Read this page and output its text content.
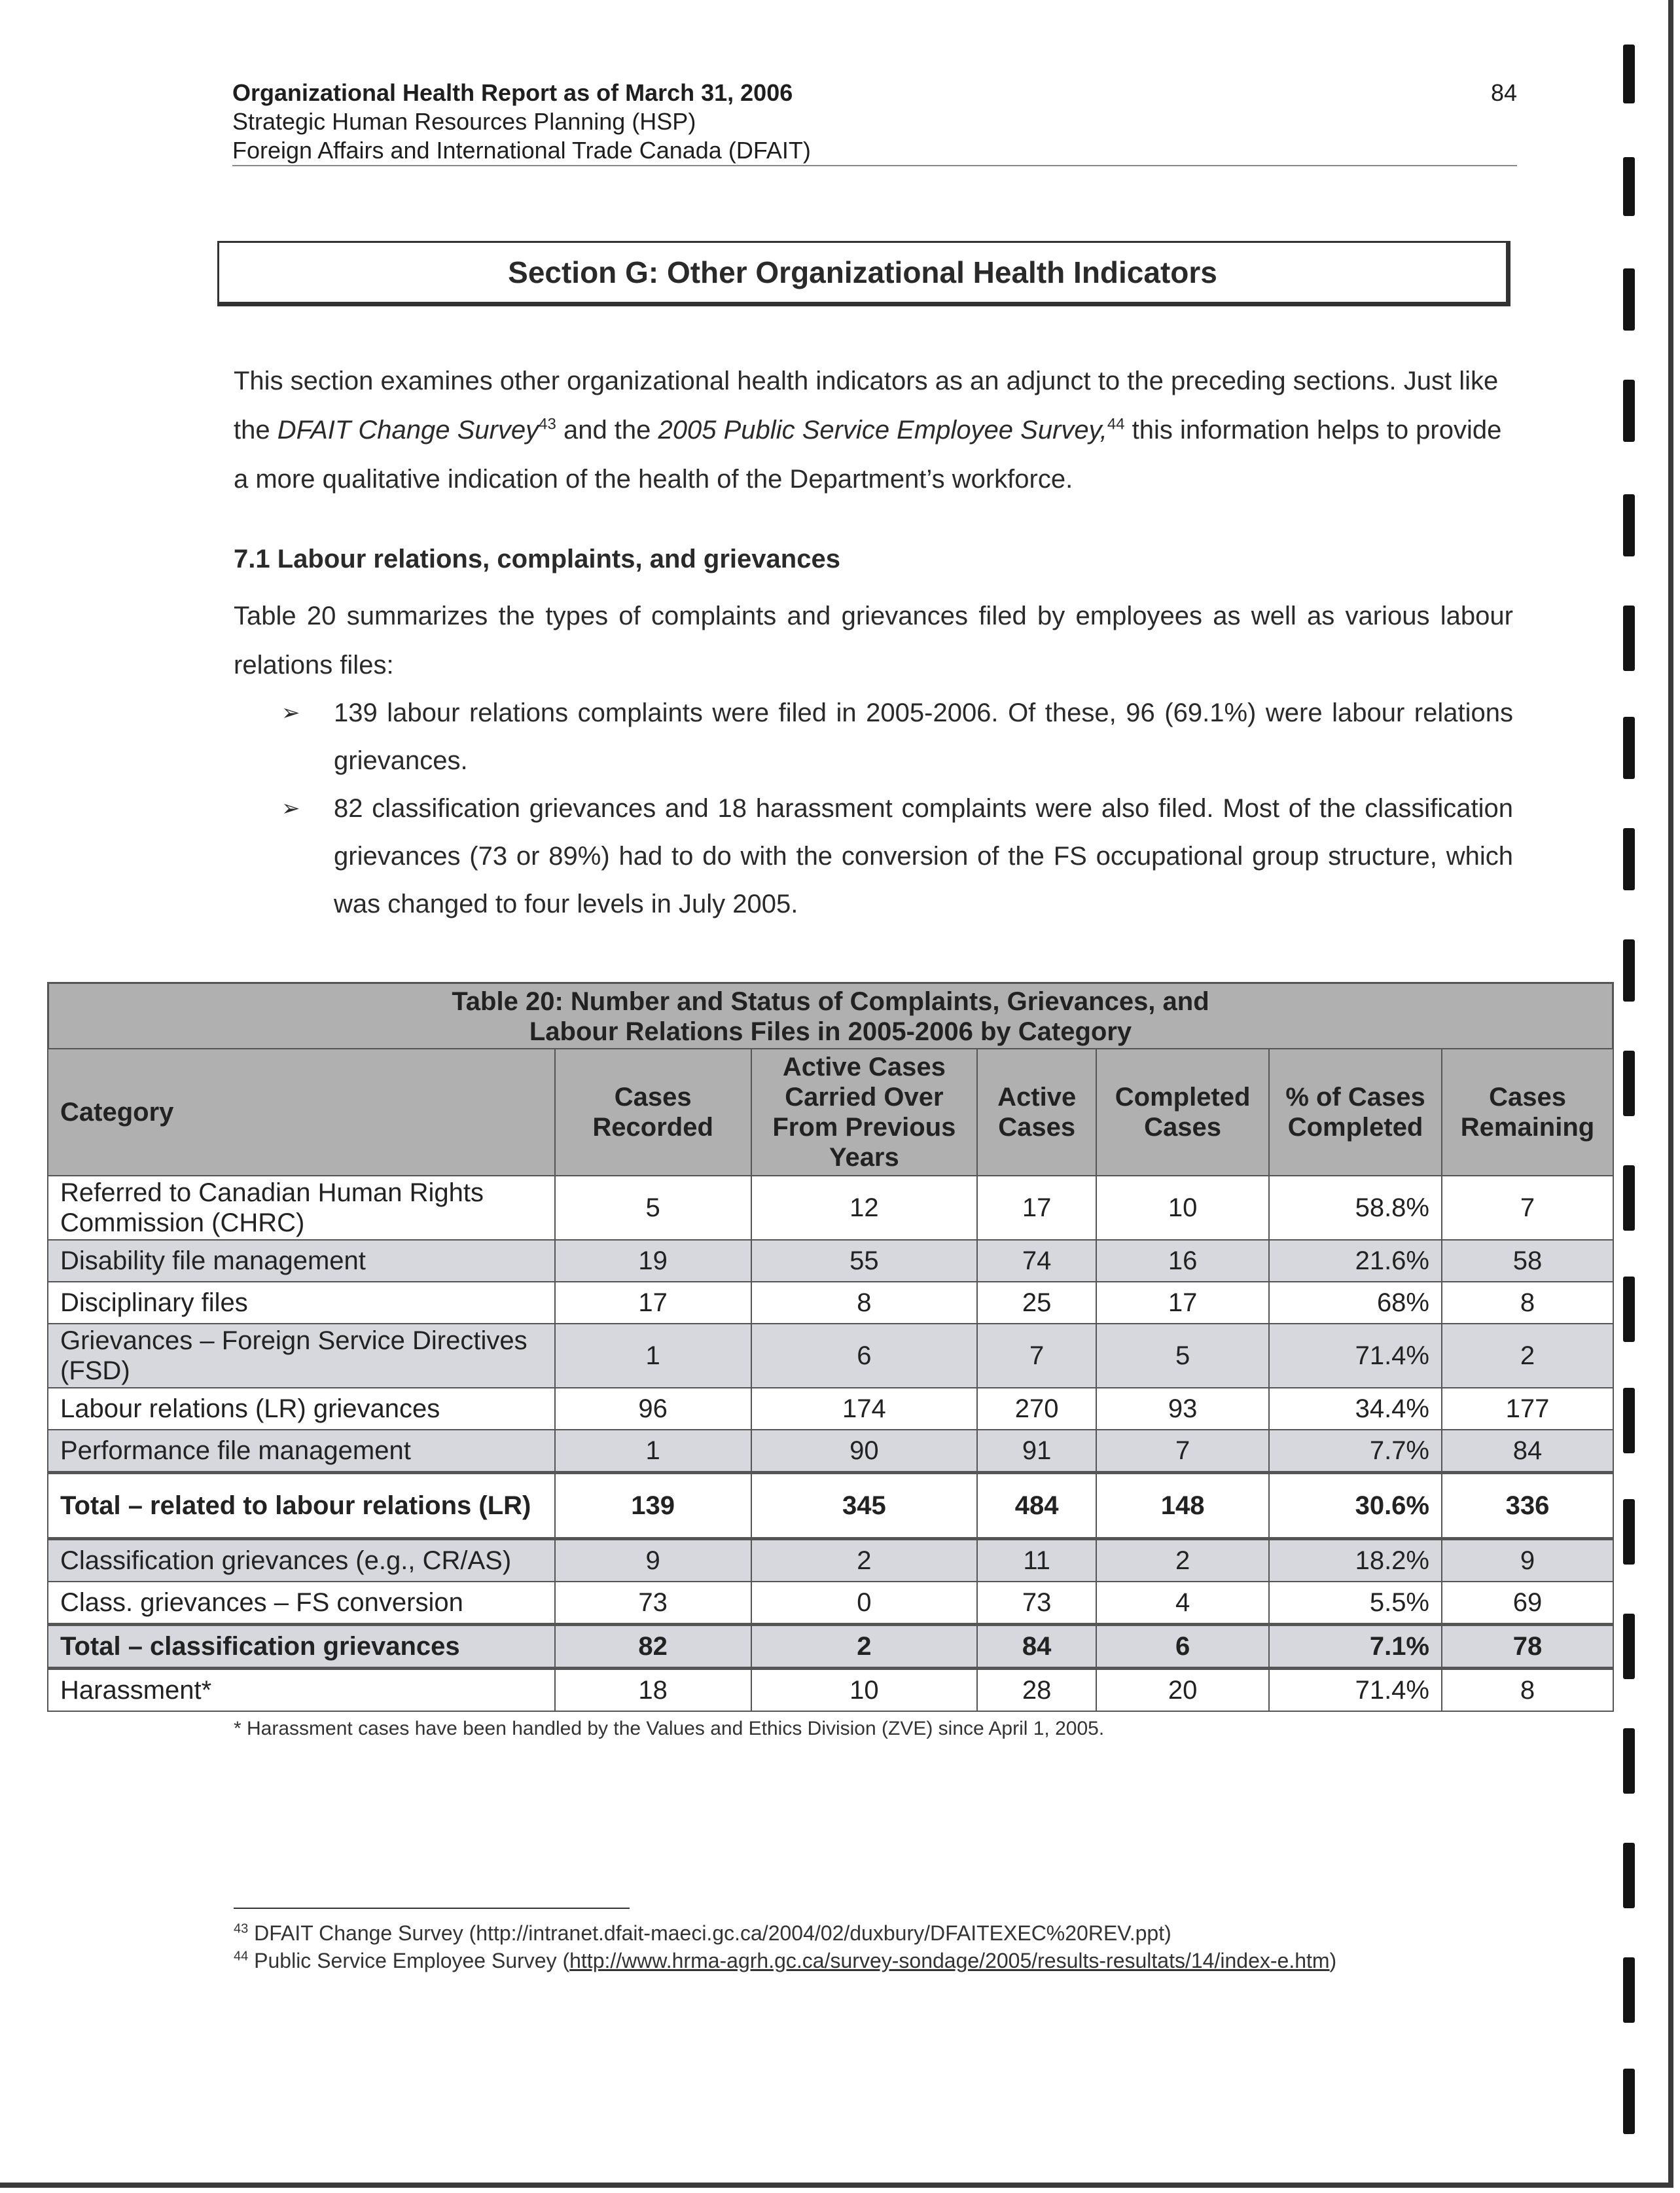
Organizational Health Report as of March 31, 2006
Strategic Human Resources Planning (HSP)
Foreign Affairs and International Trade Canada (DFAIT)
84
Section G: Other Organizational Health Indicators
This section examines other organizational health indicators as an adjunct to the preceding sections. Just like the DFAIT Change Survey$^{43}$ and the 2005 Public Service Employee Survey,$^{44}$ this information helps to provide a more qualitative indication of the health of the Department’s workforce.
7.1 Labour relations, complaints, and grievances
Table 20 summarizes the types of complaints and grievances filed by employees as well as various labour relations files:
➢ 139 labour relations complaints were filed in 2005-2006. Of these, 96 (69.1%) were labour relations grievances.
➢ 82 classification grievances and 18 harassment complaints were also filed. Most of the classification grievances (73 or 89%) had to do with the conversion of the FS occupational group structure, which was changed to four levels in July 2005.
Table 20: Number and Status of Complaints, Grievances, and
Labour Relations Files in 2005-2006 by Category
Category	Cases Recorded	Active Cases Carried Over From Previous Years	Active Cases	Completed Cases	% of Cases Completed	Cases Remaining
Referred to Canadian Human Rights Commission (CHRC)	5	12	17	10	58.8%	7
Disability file management	19	55	74	16	21.6%	58
Disciplinary files	17	8	25	17	68%	8
Grievances – Foreign Service Directives (FSD)	1	6	7	5	71.4%	2
Labour relations (LR) grievances	96	174	270	93	34.4%	177
Performance file management	1	90	91	7	7.7%	84
Total – related to labour relations (LR)	139	345	484	148	30.6%	336
Classification grievances (e.g., CR/AS)	9	2	11	2	18.2%	9
Class. grievances – FS conversion	73	0	73	4	5.5%	69
Total – classification grievances	82	2	84	6	7.1%	78
Harassment*	18	10	28	20	71.4%	8
* Harassment cases have been handled by the Values and Ethics Division (ZVE) since April 1, 2005.
$^{43}$ DFAIT Change Survey (http://intranet.dfait-maeci.gc.ca/2004/02/duxbury/DFAITEXEC%20REV.ppt)
$^{44}$ Public Service Employee Survey (http://www.hrma-agrh.gc.ca/survey-sondage/2005/results-resultats/14/index-e.htm)
